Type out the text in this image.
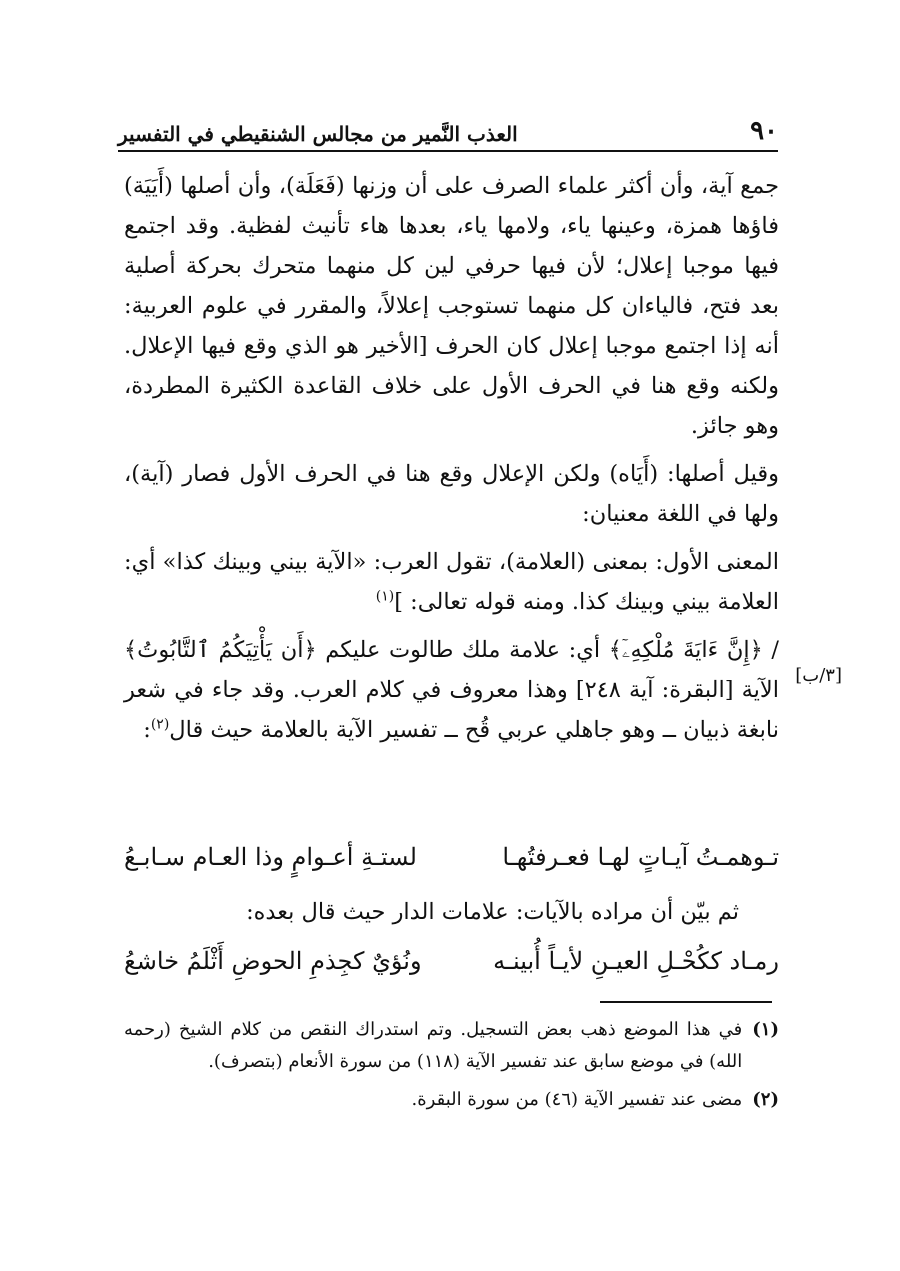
٩٠
العذب النَّمير من مجالس الشنقيطي في التفسير
[٣/ب]

جمع آية، وأن أكثر علماء الصرف على أن وزنها (فَعَلَة)، وأن أصلها (أَيَيَة) فاؤها همزة، وعينها ياء، ولامها ياء، بعدها هاء تأنيث لفظية. وقد اجتمع فيها موجبا إعلال؛ لأن فيها حرفي لين كل منهما متحرك بحركة أصلية بعد فتح، فالياءان كل منهما تستوجب إعلالاً، والمقرر في علوم العربية: أنه إذا اجتمع موجبا إعلال كان الحرف [الأخير هو الذي وقع فيها الإعلال. ولكنه وقع هنا في الحرف الأول على خلاف القاعدة الكثيرة المطردة، وهو جائز.

وقيل أصلها: (أَيَاه) ولكن الإعلال وقع هنا في الحرف الأول فصار (آية)، ولها في اللغة معنيان:

المعنى الأول: بمعنى (العلامة)، تقول العرب: «الآية بيني وبينك كذا» أي: العلامة بيني وبينك كذا. ومنه قوله تعالى: ]$^{(١)}$

/ ﴿إِنَّ ءَايَةَ مُلْكِهِۦٓ﴾ أي: علامة ملك طالوت عليكم ﴿أَن يَأْتِيَكُمُ ٱلتَّابُوتُ﴾ الآية [البقرة: آية ٢٤٨] وهذا معروف في كلام العرب. وقد جاء في شعر نابغة ذبيان ــ وهو جاهلي عربي قُح ــ تفسير الآية بالعلامة حيث قال$^{(٢)}$:

تـوهمـتُ آيـاتٍ لهـا فعـرفتُهـا
لستـةِ أعـوامٍ وذا العـام سـابـعُ

ثم بيّن أن مراده بالآيات: علامات الدار حيث قال بعده:

رمـاد ككُحْـلِ العيـنِ لأيـاً أُبينـه
ونُؤيٌ كجِذمِ الحوضِ أَثْلَمُ خاشعُ
(١)
في هذا الموضع ذهب بعض التسجيل. وتم استدراك النقص من كلام الشيخ (رحمه الله) في موضع سابق عند تفسير الآية (١١٨) من سورة الأنعام (بتصرف).
(٢)
مضى عند تفسير الآية (٤٦) من سورة البقرة.
